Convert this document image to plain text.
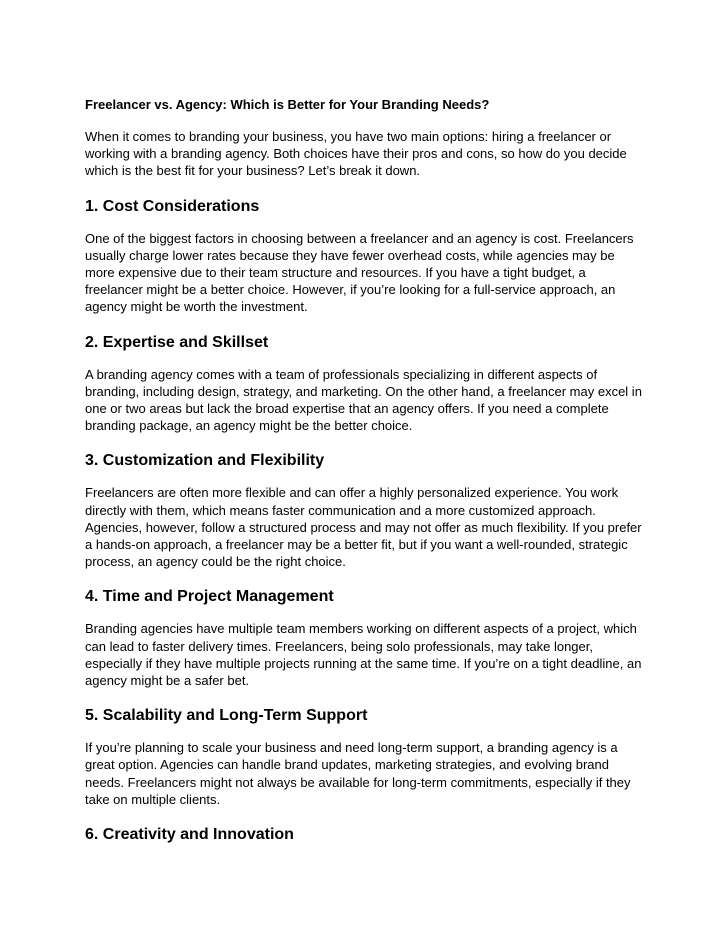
Freelancer vs. Agency: Which is Better for Your Branding Needs?

When it comes to branding your business, you have two main options: hiring a freelancer or working with a branding agency. Both choices have their pros and cons, so how do you decide which is the best fit for your business? Let’s break it down.

1. Cost Considerations

One of the biggest factors in choosing between a freelancer and an agency is cost. Freelancers usually charge lower rates because they have fewer overhead costs, while agencies may be more expensive due to their team structure and resources. If you have a tight budget, a freelancer might be a better choice. However, if you’re looking for a full-service approach, an agency might be worth the investment.

2. Expertise and Skillset

A branding agency comes with a team of professionals specializing in different aspects of branding, including design, strategy, and marketing. On the other hand, a freelancer may excel in one or two areas but lack the broad expertise that an agency offers. If you need a complete branding package, an agency might be the better choice.

3. Customization and Flexibility

Freelancers are often more flexible and can offer a highly personalized experience. You work directly with them, which means faster communication and a more customized approach. Agencies, however, follow a structured process and may not offer as much flexibility. If you prefer a hands-on approach, a freelancer may be a better fit, but if you want a well-rounded, strategic process, an agency could be the right choice.

4. Time and Project Management

Branding agencies have multiple team members working on different aspects of a project, which can lead to faster delivery times. Freelancers, being solo professionals, may take longer, especially if they have multiple projects running at the same time. If you’re on a tight deadline, an agency might be a safer bet.

5. Scalability and Long-Term Support

If you’re planning to scale your business and need long-term support, a branding agency is a great option. Agencies can handle brand updates, marketing strategies, and evolving brand needs. Freelancers might not always be available for long-term commitments, especially if they take on multiple clients.

6. Creativity and Innovation
